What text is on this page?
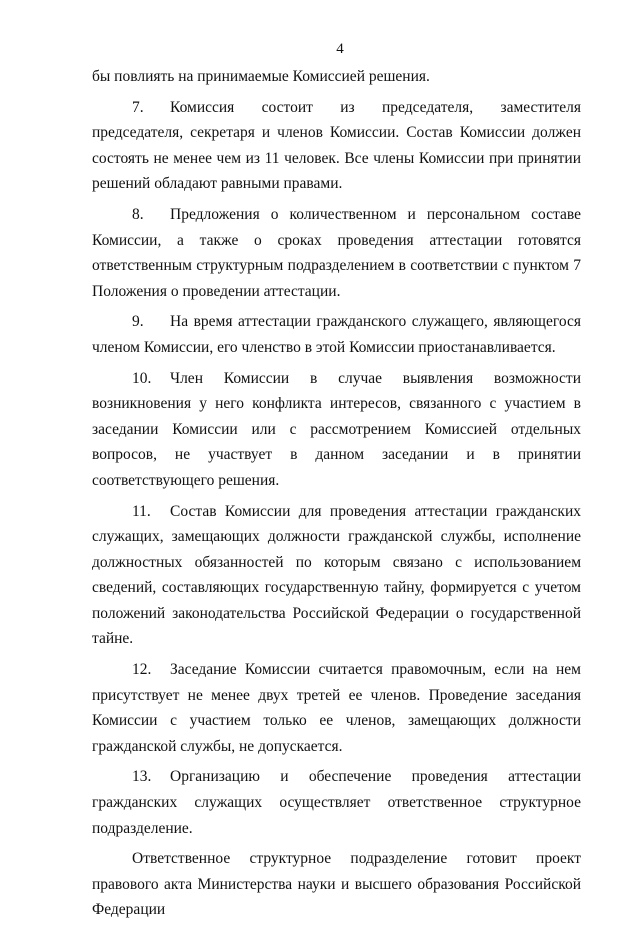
4

бы повлиять на принимаемые Комиссией решения.

7. Комиссия состоит из председателя, заместителя председателя, секретаря и членов Комиссии. Состав Комиссии должен состоять не менее чем из 11 человек. Все члены Комиссии при принятии решений обладают равными правами.

8. Предложения о количественном и персональном составе Комиссии, а также о сроках проведения аттестации готовятся ответственным структурным подразделением в соответствии с пунктом 7 Положения о проведении аттестации.

9. На время аттестации гражданского служащего, являющегося членом Комиссии, его членство в этой Комиссии приостанавливается.

10. Член Комиссии в случае выявления возможности возникновения у него конфликта интересов, связанного с участием в заседании Комиссии или с рассмотрением Комиссией отдельных вопросов, не участвует в данном заседании и в принятии соответствующего решения.

11. Состав Комиссии для проведения аттестации гражданских служащих, замещающих должности гражданской службы, исполнение должностных обязанностей по которым связано с использованием сведений, составляющих государственную тайну, формируется с учетом положений законодательства Российской Федерации о государственной тайне.

12. Заседание Комиссии считается правомочным, если на нем присутствует не менее двух третей ее членов. Проведение заседания Комиссии с участием только ее членов, замещающих должности гражданской службы, не допускается.

13. Организацию и обеспечение проведения аттестации гражданских служащих осуществляет ответственное структурное подразделение.

Ответственное структурное подразделение готовит проект правового акта Министерства науки и высшего образования Российской Федерации
